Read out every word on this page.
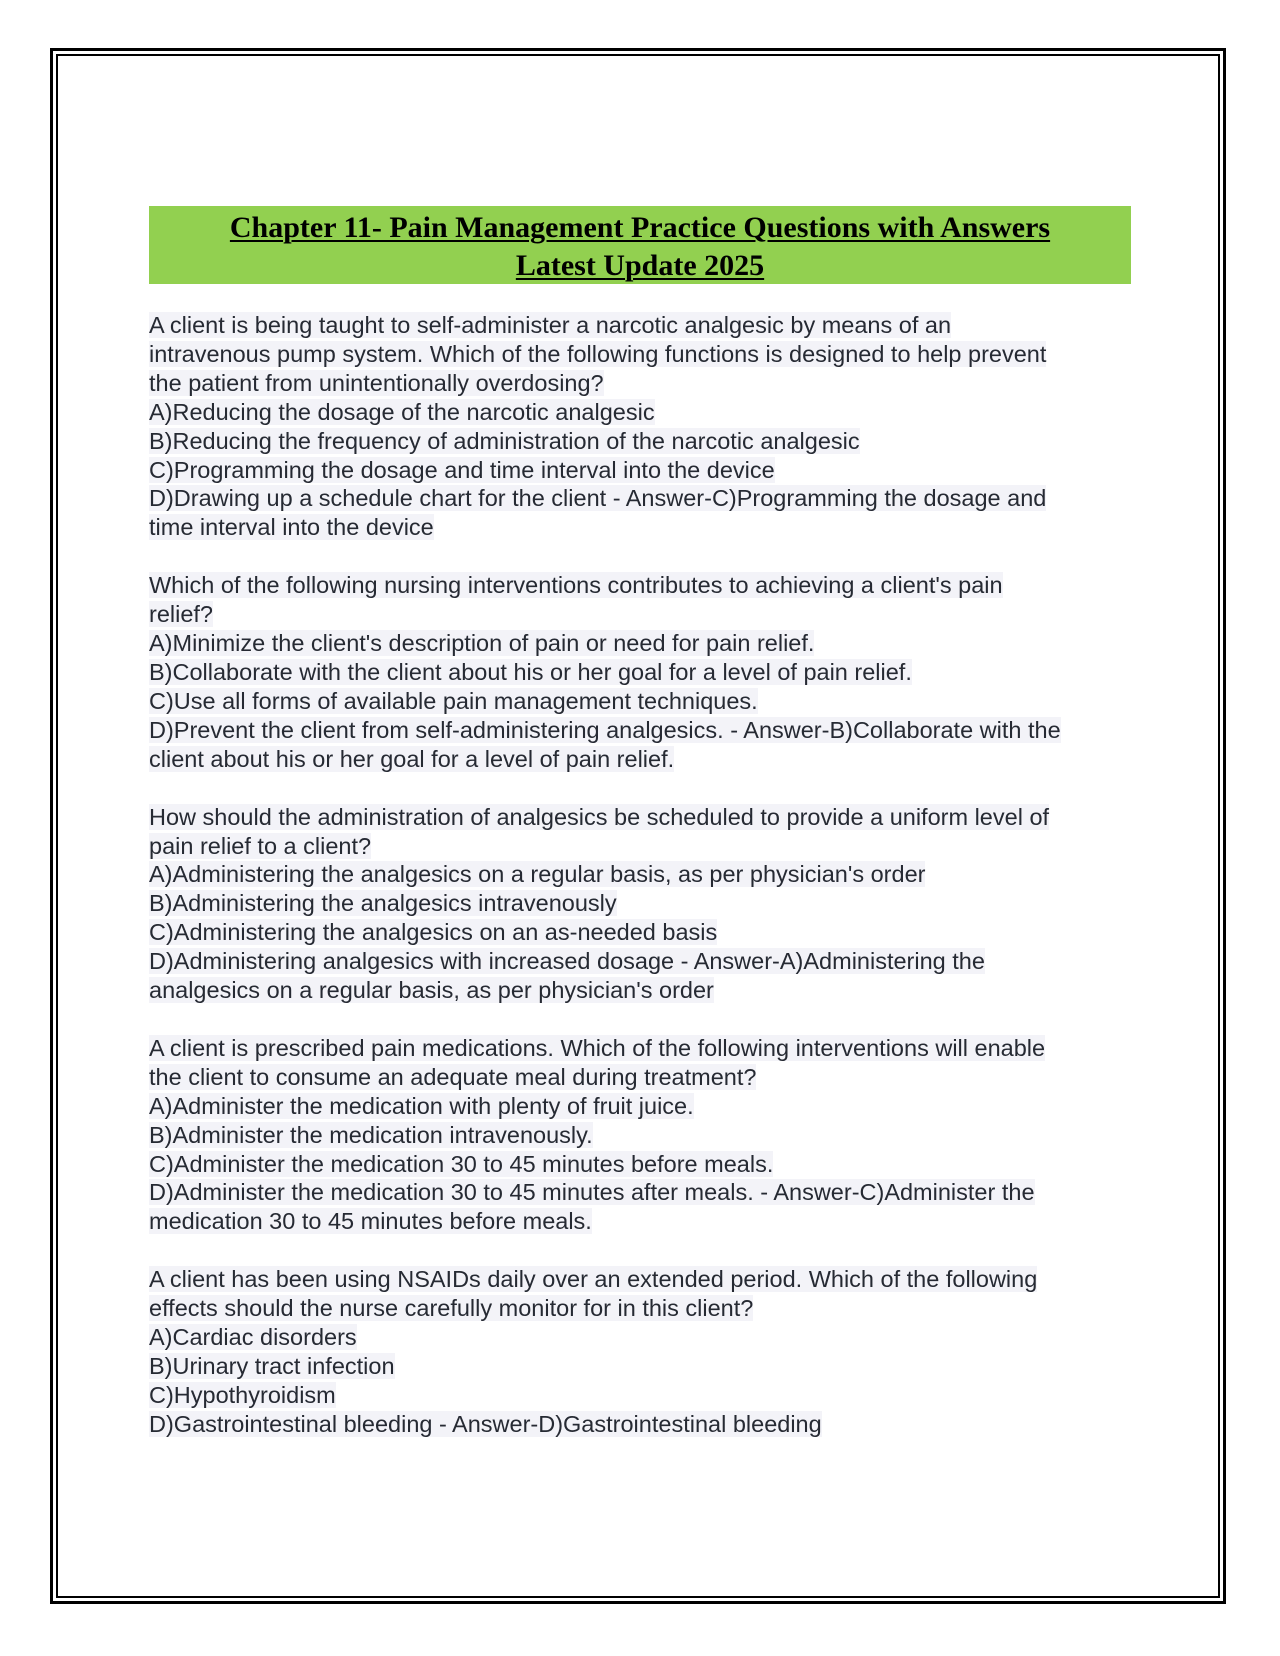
Chapter 11- Pain Management Practice Questions with Answers
Latest Update 2025
A client is being taught to self-administer a narcotic analgesic by means of an
intravenous pump system. Which of the following functions is designed to help prevent
the patient from unintentionally overdosing?
A)Reducing the dosage of the narcotic analgesic
B)Reducing the frequency of administration of the narcotic analgesic
C)Programming the dosage and time interval into the device
D)Drawing up a schedule chart for the client - Answer-C)Programming the dosage and
time interval into the device
Which of the following nursing interventions contributes to achieving a client's pain
relief?
A)Minimize the client's description of pain or need for pain relief.
B)Collaborate with the client about his or her goal for a level of pain relief.
C)Use all forms of available pain management techniques.
D)Prevent the client from self-administering analgesics. - Answer-B)Collaborate with the
client about his or her goal for a level of pain relief.
How should the administration of analgesics be scheduled to provide a uniform level of
pain relief to a client?
A)Administering the analgesics on a regular basis, as per physician's order
B)Administering the analgesics intravenously
C)Administering the analgesics on an as-needed basis
D)Administering analgesics with increased dosage - Answer-A)Administering the
analgesics on a regular basis, as per physician's order
A client is prescribed pain medications. Which of the following interventions will enable
the client to consume an adequate meal during treatment?
A)Administer the medication with plenty of fruit juice.
B)Administer the medication intravenously.
C)Administer the medication 30 to 45 minutes before meals.
D)Administer the medication 30 to 45 minutes after meals. - Answer-C)Administer the
medication 30 to 45 minutes before meals.
A client has been using NSAIDs daily over an extended period. Which of the following
effects should the nurse carefully monitor for in this client?
A)Cardiac disorders
B)Urinary tract infection
C)Hypothyroidism
D)Gastrointestinal bleeding - Answer-D)Gastrointestinal bleeding
